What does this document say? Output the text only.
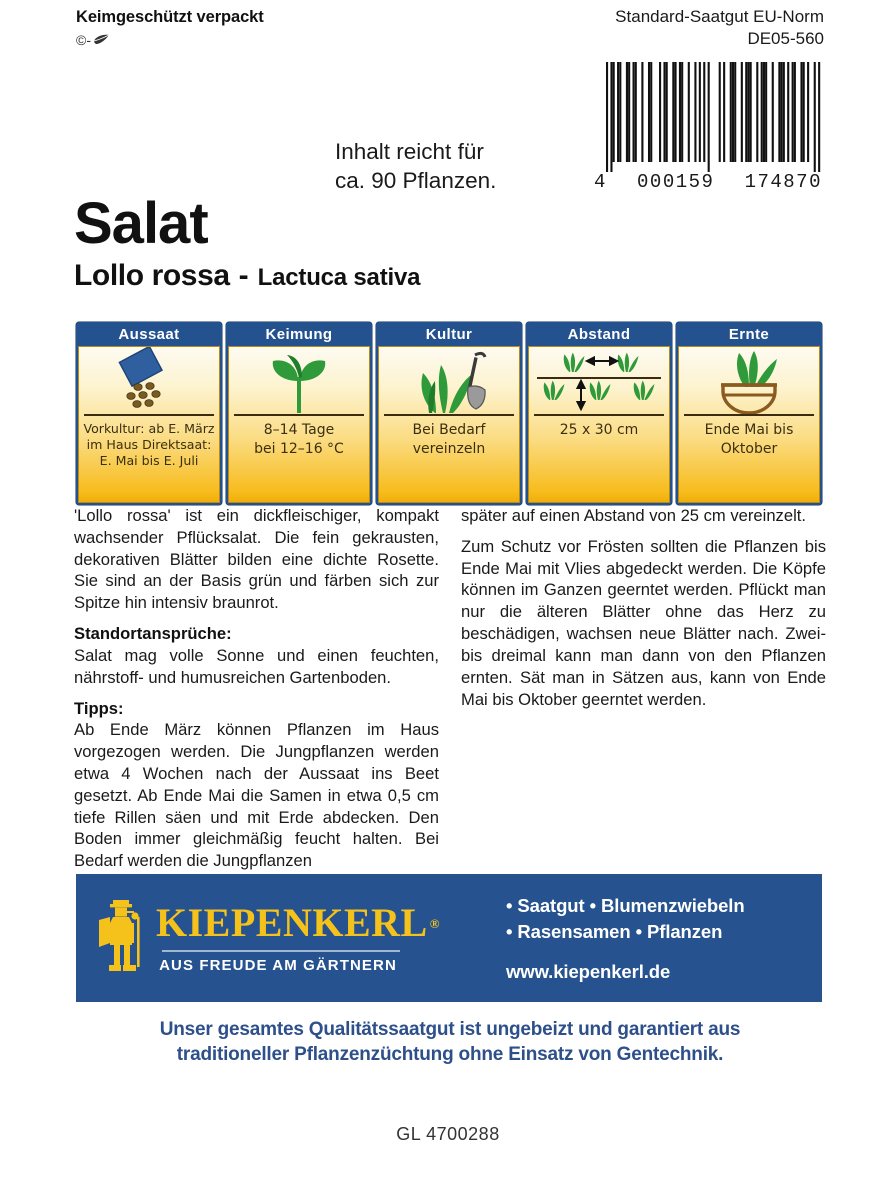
Keimgeschützt verpackt
©-
Standard-Saatgut EU-Norm
DE05-560
4 000159 174870
Inhalt reicht für
ca. 90 Pflanzen.
Salat
Lollo rossa - Lactuca sativa
Aussaat
Vorkultur: ab E. März
im Haus Direktsaat:
E. Mai bis E. Juli
Keimung
8–14 Tage
bei 12–16 °C
Kultur
Bei Bedarf
vereinzeln
Abstand
25 x 30 cm
Ernte
Ende Mai bis
Oktober

'Lollo rossa' ist ein dickfleischiger, kompakt wachsender Pflücksalat. Die fein gekrausten, dekorativen Blätter bilden eine dichte Rosette. Sie sind an der Basis grün und färben sich zur Spitze hin intensiv braunrot.

Standortansprüche:

Salat mag volle Sonne und einen feuchten, nährstoff- und humusreichen Gartenboden.

Tipps:

Ab Ende März können Pflanzen im Haus vorgezogen werden. Die Jungpflanzen werden etwa 4 Wochen nach der Aussaat ins Beet gesetzt. Ab Ende Mai die Samen in etwa 0,5 cm tiefe Rillen säen und mit Erde abdecken. Den Boden immer gleichmäßig feucht halten. Bei Bedarf werden die Jungpflanzen

später auf einen Abstand von 25 cm vereinzelt.

Zum Schutz vor Frösten sollten die Pflanzen bis Ende Mai mit Vlies abgedeckt werden. Die Köpfe können im Ganzen geerntet werden. Pflückt man nur die älteren Blätter ohne das Herz zu beschädigen, wachsen neue Blätter nach. Zwei- bis dreimal kann man dann von den Pflanzen ernten. Sät man in Sätzen aus, kann von Ende Mai bis Oktober geerntet werden.

KIEPENKERL ®
AUS FREUDE AM GÄRTNERN
• Saatgut • Blumenzwiebeln
• Rasensamen • Pflanzen
www.kiepenkerl.de
Unser gesamtes Qualitätssaatgut ist ungebeizt und garantiert aus
traditioneller Pflanzenzüchtung ohne Einsatz von Gentechnik.
GL 4700288
